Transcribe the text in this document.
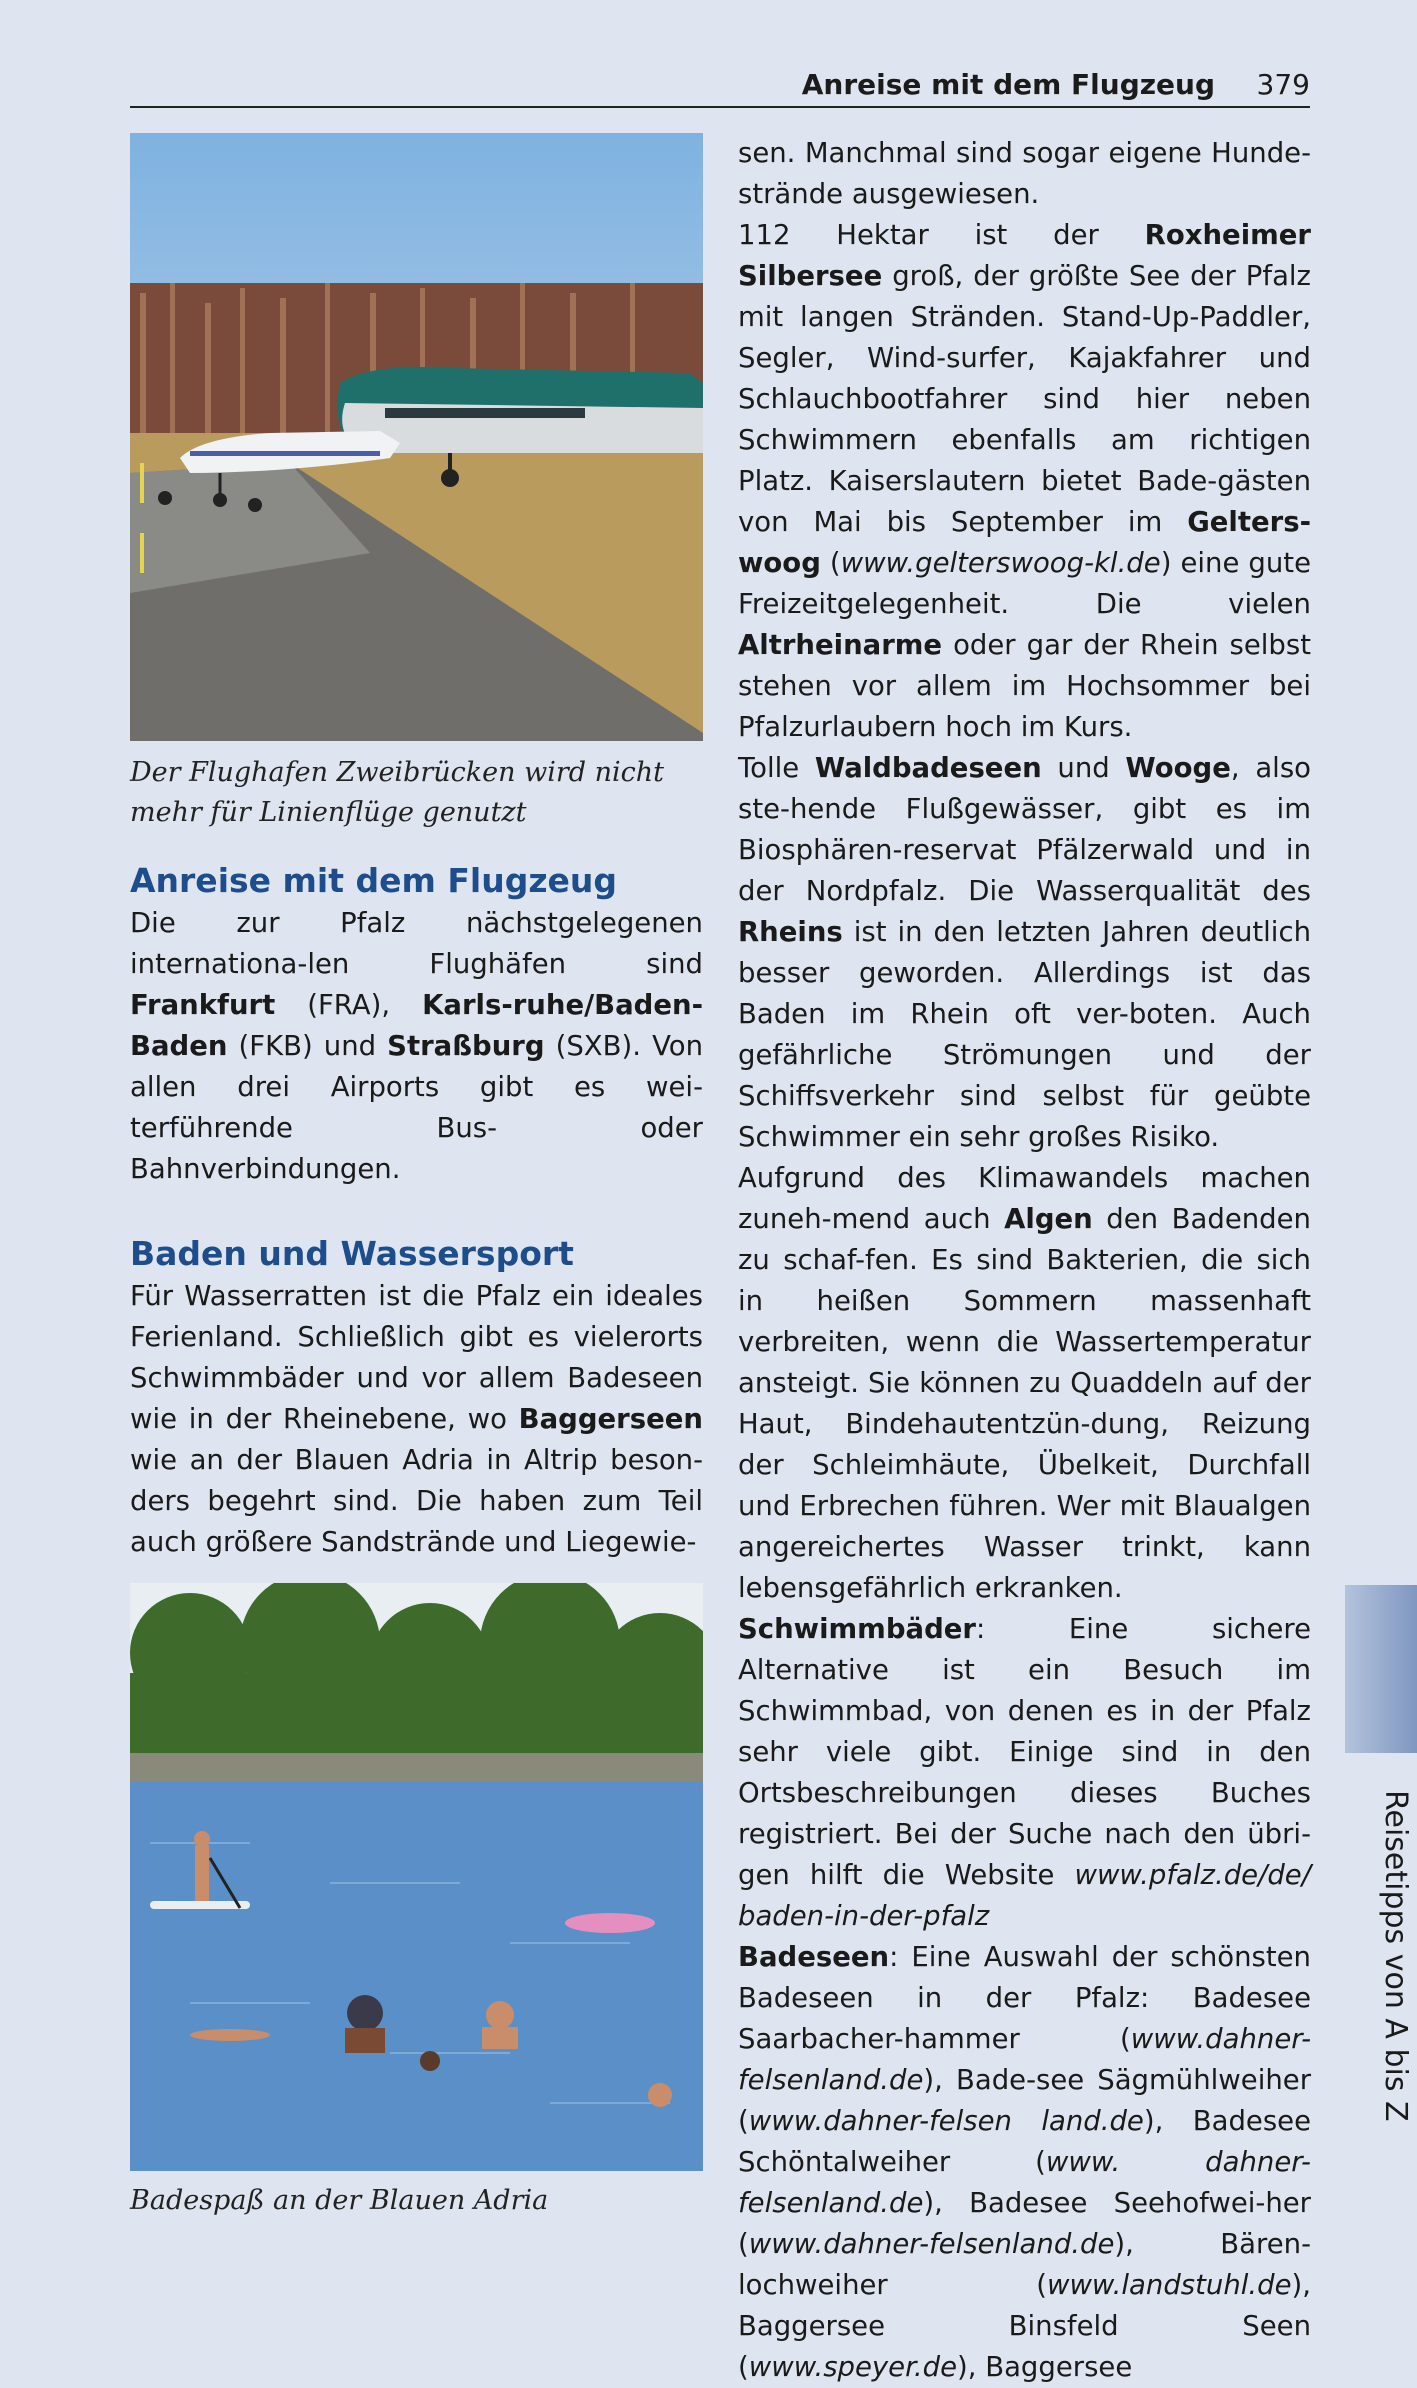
Anreise mit dem Flugzeug 379
Der Flughafen Zweibrücken wird nicht
mehr für Linienflüge genutzt
Anreise mit dem Flugzeug

Die zur Pfalz nächstgelegenen internationa-len Flughäfen sind Frankfurt (FRA), Karls-ruhe/Baden-Baden (FKB) und Straßburg (SXB). Von allen drei Airports gibt es wei-terführende Bus- oder Bahnverbindungen.

Baden und Wassersport

Für Wasserratten ist die Pfalz ein ideales Ferienland. Schließlich gibt es vielerorts Schwimmbäder und vor allem Badeseen wie in der Rheinebene, wo Baggerseen wie an der Blauen Adria in Altrip beson-ders begehrt sind. Die haben zum Teil auch größere Sandstrände und Liegewie-

Badespaß an der Blauen Adria

sen. Manchmal sind sogar eigene Hunde-strände ausgewiesen.

112 Hektar ist der Roxheimer Silbersee groß, der größte See der Pfalz mit langen Stränden. Stand-Up-Paddler, Segler, Wind-surfer, Kajakfahrer und Schlauchbootfahrer sind hier neben Schwimmern ebenfalls am richtigen Platz. Kaiserslautern bietet Bade-gästen von Mai bis September im Gelters-woog (www.gelterswoog-kl.de) eine gute Freizeitgelegenheit. Die vielen Altrheinarme oder gar der Rhein selbst stehen vor allem im Hochsommer bei Pfalzurlaubern hoch im Kurs.

Tolle Waldbadeseen und Wooge, also ste-hende Flußgewässer, gibt es im Biosphären-reservat Pfälzerwald und in der Nordpfalz. Die Wasserqualität des Rheins ist in den letzten Jahren deutlich besser geworden. Allerdings ist das Baden im Rhein oft ver-boten. Auch gefährliche Strömungen und der Schiffsverkehr sind selbst für geübte Schwimmer ein sehr großes Risiko.

Aufgrund des Klimawandels machen zuneh-mend auch Algen den Badenden zu schaf-fen. Es sind Bakterien, die sich in heißen Sommern massenhaft verbreiten, wenn die Wassertemperatur ansteigt. Sie können zu Quaddeln auf der Haut, Bindehautentzün-dung, Reizung der Schleimhäute, Übelkeit, Durchfall und Erbrechen führen. Wer mit Blaualgen angereichertes Wasser trinkt, kann lebensgefährlich erkranken.

Schwimmbäder: Eine sichere Alternative ist ein Besuch im Schwimmbad, von denen es in der Pfalz sehr viele gibt. Einige sind in den Ortsbeschreibungen dieses Buches registriert. Bei der Suche nach den übri-gen hilft die Website www.pfalz.de/de/ baden-in-der-pfalz

Badeseen: Eine Auswahl der schönsten Badeseen in der Pfalz: Badesee Saarbacher-hammer (www.dahner-felsenland.de), Bade-see Sägmühlweiher (www.dahner-felsen land.de), Badesee Schöntalweiher (www. dahner-felsenland.de), Badesee Seehofwei-her (www.dahner-felsenland.de), Bären-lochweiher (www.landstuhl.de), Baggersee Binsfeld Seen (www.speyer.de), Baggersee

Reisetipps von A bis Z
